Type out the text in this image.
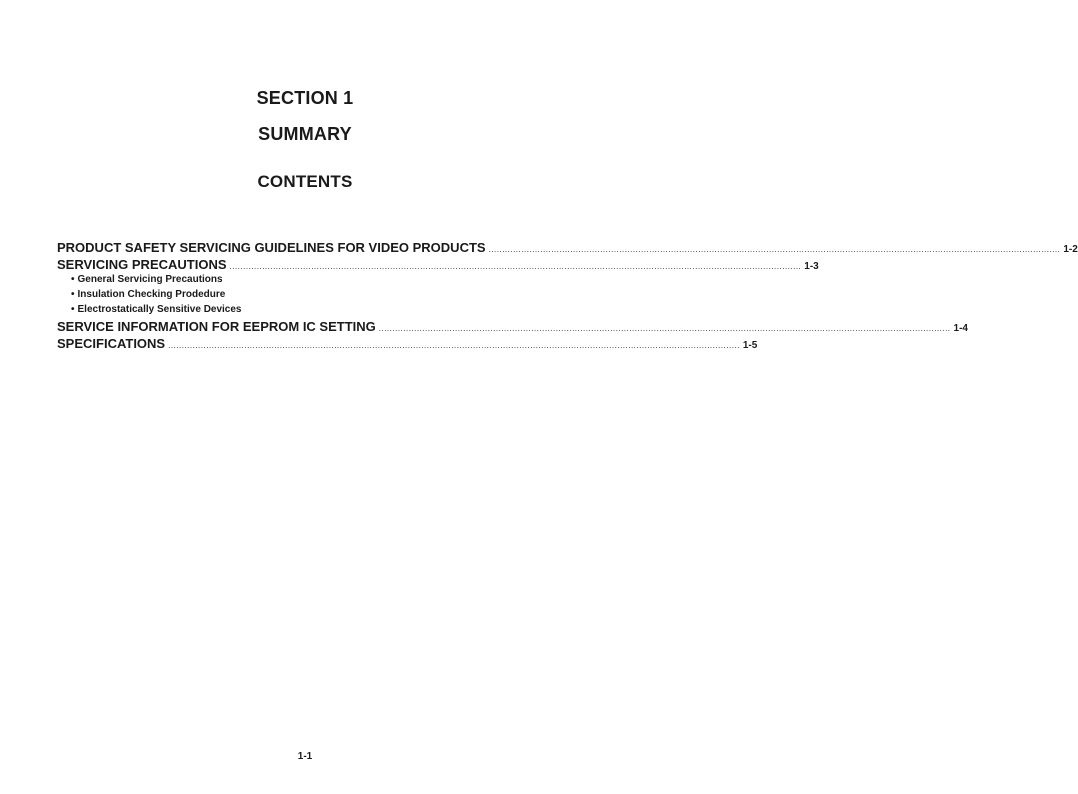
SECTION 1
SUMMARY
CONTENTS
PRODUCT SAFETY SERVICING GUIDELINES FOR VIDEO PRODUCTS .................................................................................................................................................................................................................. 1-2
SERVICING PRECAUTIONS .................................................................................................................................................................................................................. 1-3
• General Servicing Precautions
• Insulation Checking Prodedure
• Electrostatically Sensitive Devices
SERVICE INFORMATION FOR EEPROM IC SETTING .................................................................................................................................................................................................................. 1-4
SPECIFICATIONS .................................................................................................................................................................................................................. 1-5
1-1
